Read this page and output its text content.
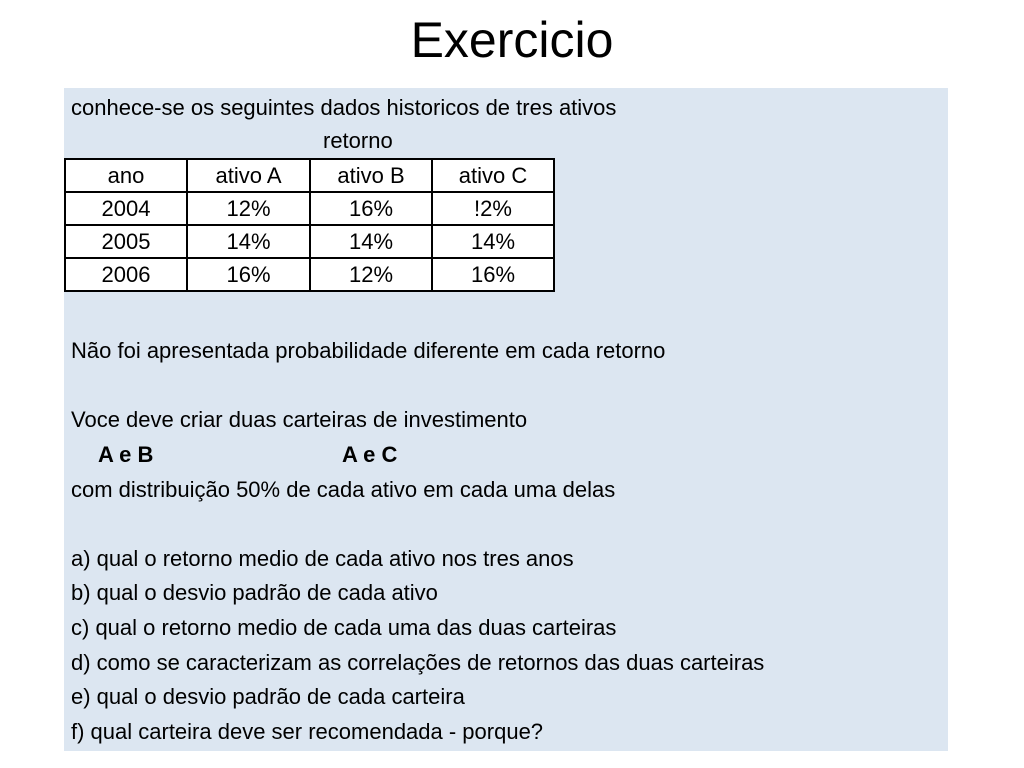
Exercicio
conhece-se os seguintes dados historicos de tres ativos
retorno
ano	ativo A	ativo B	ativo C
2004	12%	16%	!2%
2005	14%	14%	14%
2006	16%	12%	16%
Não foi apresentada probabilidade diferente em cada retorno
Voce deve criar duas carteiras de investimento
A e B	A e C
com distribuição 50% de cada ativo em cada uma delas
a) qual o retorno medio de cada ativo nos tres anos
b) qual o desvio padrão de cada ativo
c) qual o retorno medio de cada uma das duas carteiras
d) como se caracterizam as correlações de retornos das duas carteiras
e) qual o desvio padrão de cada carteira
f) qual carteira deve ser recomendada - porque?
